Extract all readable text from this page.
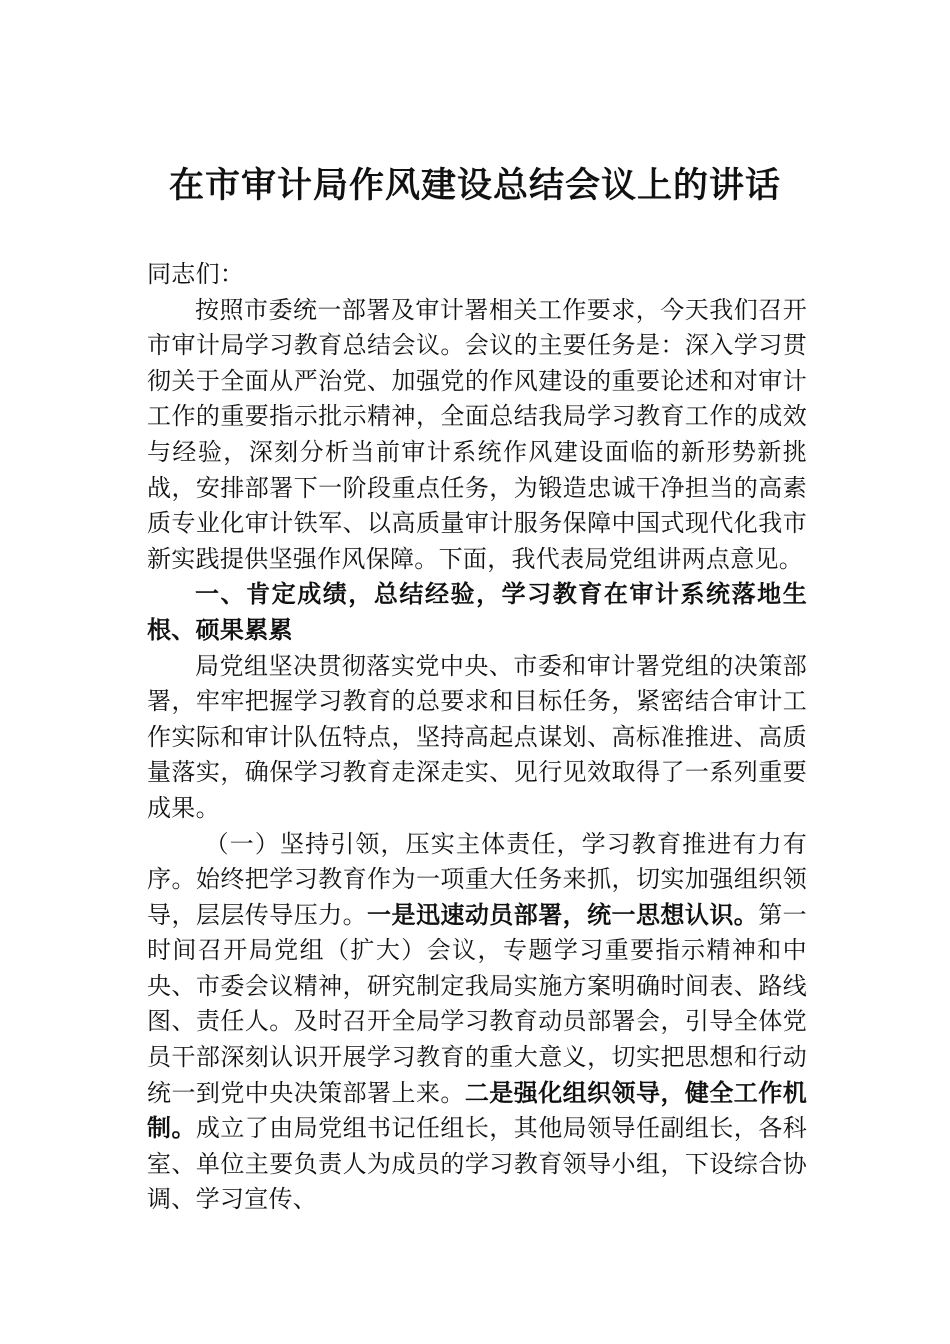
在市审计局作风建设总结会议上的讲话

同志们：

按照市委统一部署及审计署相关工作要求，今天我们召开市审计局学习教育总结会议。会议的主要任务是：深入学习贯彻关于全面从严治党、加强党的作风建设的重要论述和对审计工作的重要指示批示精神，全面总结我局学习教育工作的成效与经验，深刻分析当前审计系统作风建设面临的新形势新挑战，安排部署下一阶段重点任务，为锻造忠诚干净担当的高素质专业化审计铁军、以高质量审计服务保障中国式现代化我市新实践提供坚强作风保障。下面，我代表局党组讲两点意见。

一、肯定成绩，总结经验，学习教育在审计系统落地生根、硕果累累

局党组坚决贯彻落实党中央、市委和审计署党组的决策部署，牢牢把握学习教育的总要求和目标任务，紧密结合审计工作实际和审计队伍特点，坚持高起点谋划、高标准推进、高质量落实，确保学习教育走深走实、见行见效取得了一系列重要成果。

（一）坚持引领，压实主体责任，学习教育推进有力有序。始终把学习教育作为一项重大任务来抓，切实加强组织领导，层层传导压力。一是迅速动员部署，统一思想认识。第一时间召开局党组（扩大）会议，专题学习重要指示精神和中央、市委会议精神，研究制定我局实施方案明确时间表、路线图、责任人。及时召开全局学习教育动员部署会，引导全体党员干部深刻认识开展学习教育的重大意义，切实把思想和行动统一到党中央决策部署上来。二是强化组织领导，健全工作机制。成立了由局党组书记任组长，其他局领导任副组长，各科室、单位主要负责人为成员的学习教育领导小组，下设综合协调、学习宣传、
